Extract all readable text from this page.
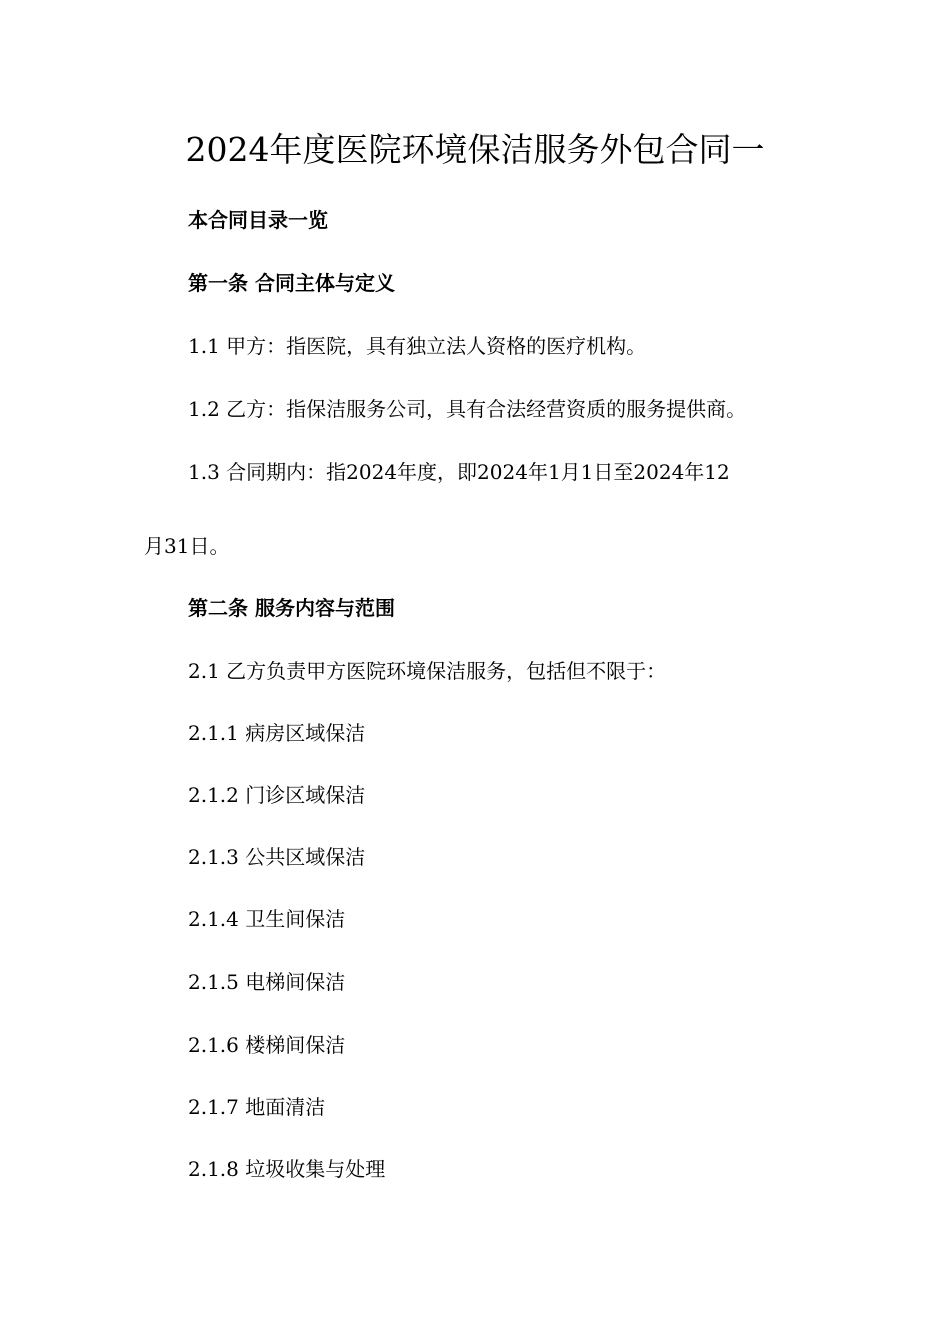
2024年度医院环境保洁服务外包合同一

本合同目录一览

第一条 合同主体与定义

1.1 甲方：指医院，具有独立法人资格的医疗机构。

1.2 乙方：指保洁服务公司，具有合法经营资质的服务提供商。

1.3 合同期内：指2024年度，即2024年1月1日至2024年12

月31日。

第二条 服务内容与范围

2.1 乙方负责甲方医院环境保洁服务，包括但不限于：

2.1.1 病房区域保洁

2.1.2 门诊区域保洁

2.1.3 公共区域保洁

2.1.4 卫生间保洁

2.1.5 电梯间保洁

2.1.6 楼梯间保洁

2.1.7 地面清洁

2.1.8 垃圾收集与处理
